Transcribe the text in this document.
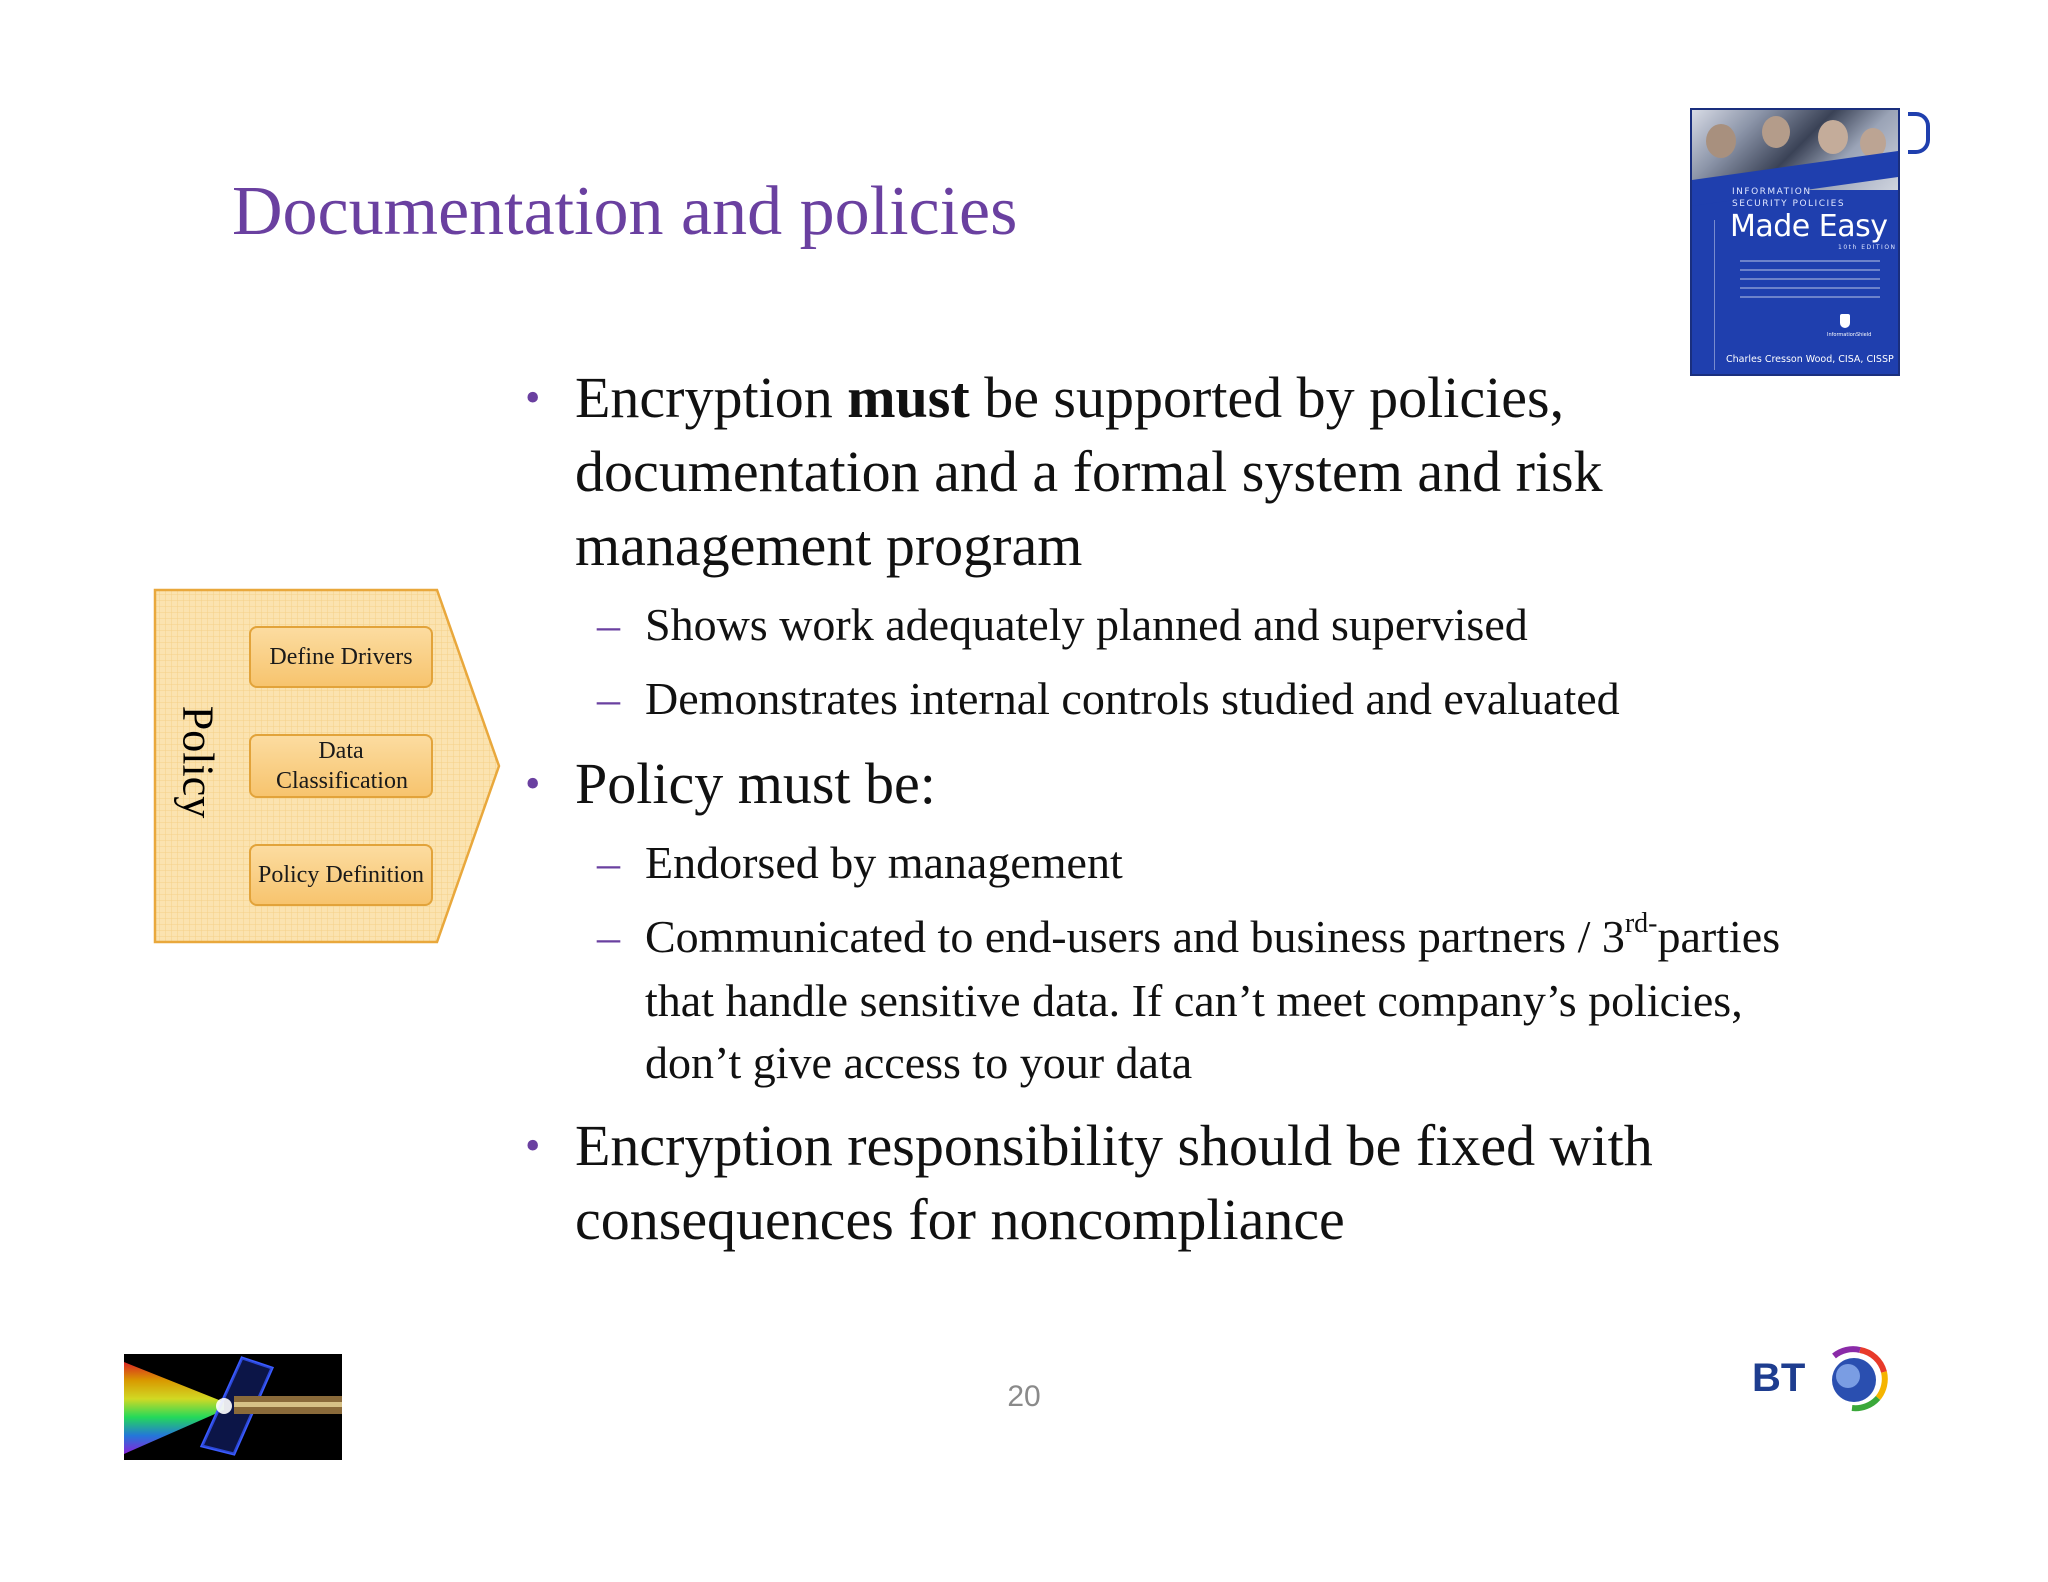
Documentation and policies	INFORMATION
SECURITY POLICIES
Made Easy
10th EDITION
InformationShield
Charles Cresson Wood, CISA, CISSP
Policy
Define Drivers
Data Classification
Policy Definition
• Encryption must be supported by policies,
documentation and a formal system and risk
management program
– Shows work adequately planned and supervised
– Demonstrates internal controls studied and evaluated
• Policy must be:
– Endorsed by management
– Communicated to end-users and business partners / $3^{rd-}parties$
that handle sensitive data. If can’t meet company’s policies,
don’t give access to your data
• Encryption responsibility should be fixed with
consequences for noncompliance
20	BT
